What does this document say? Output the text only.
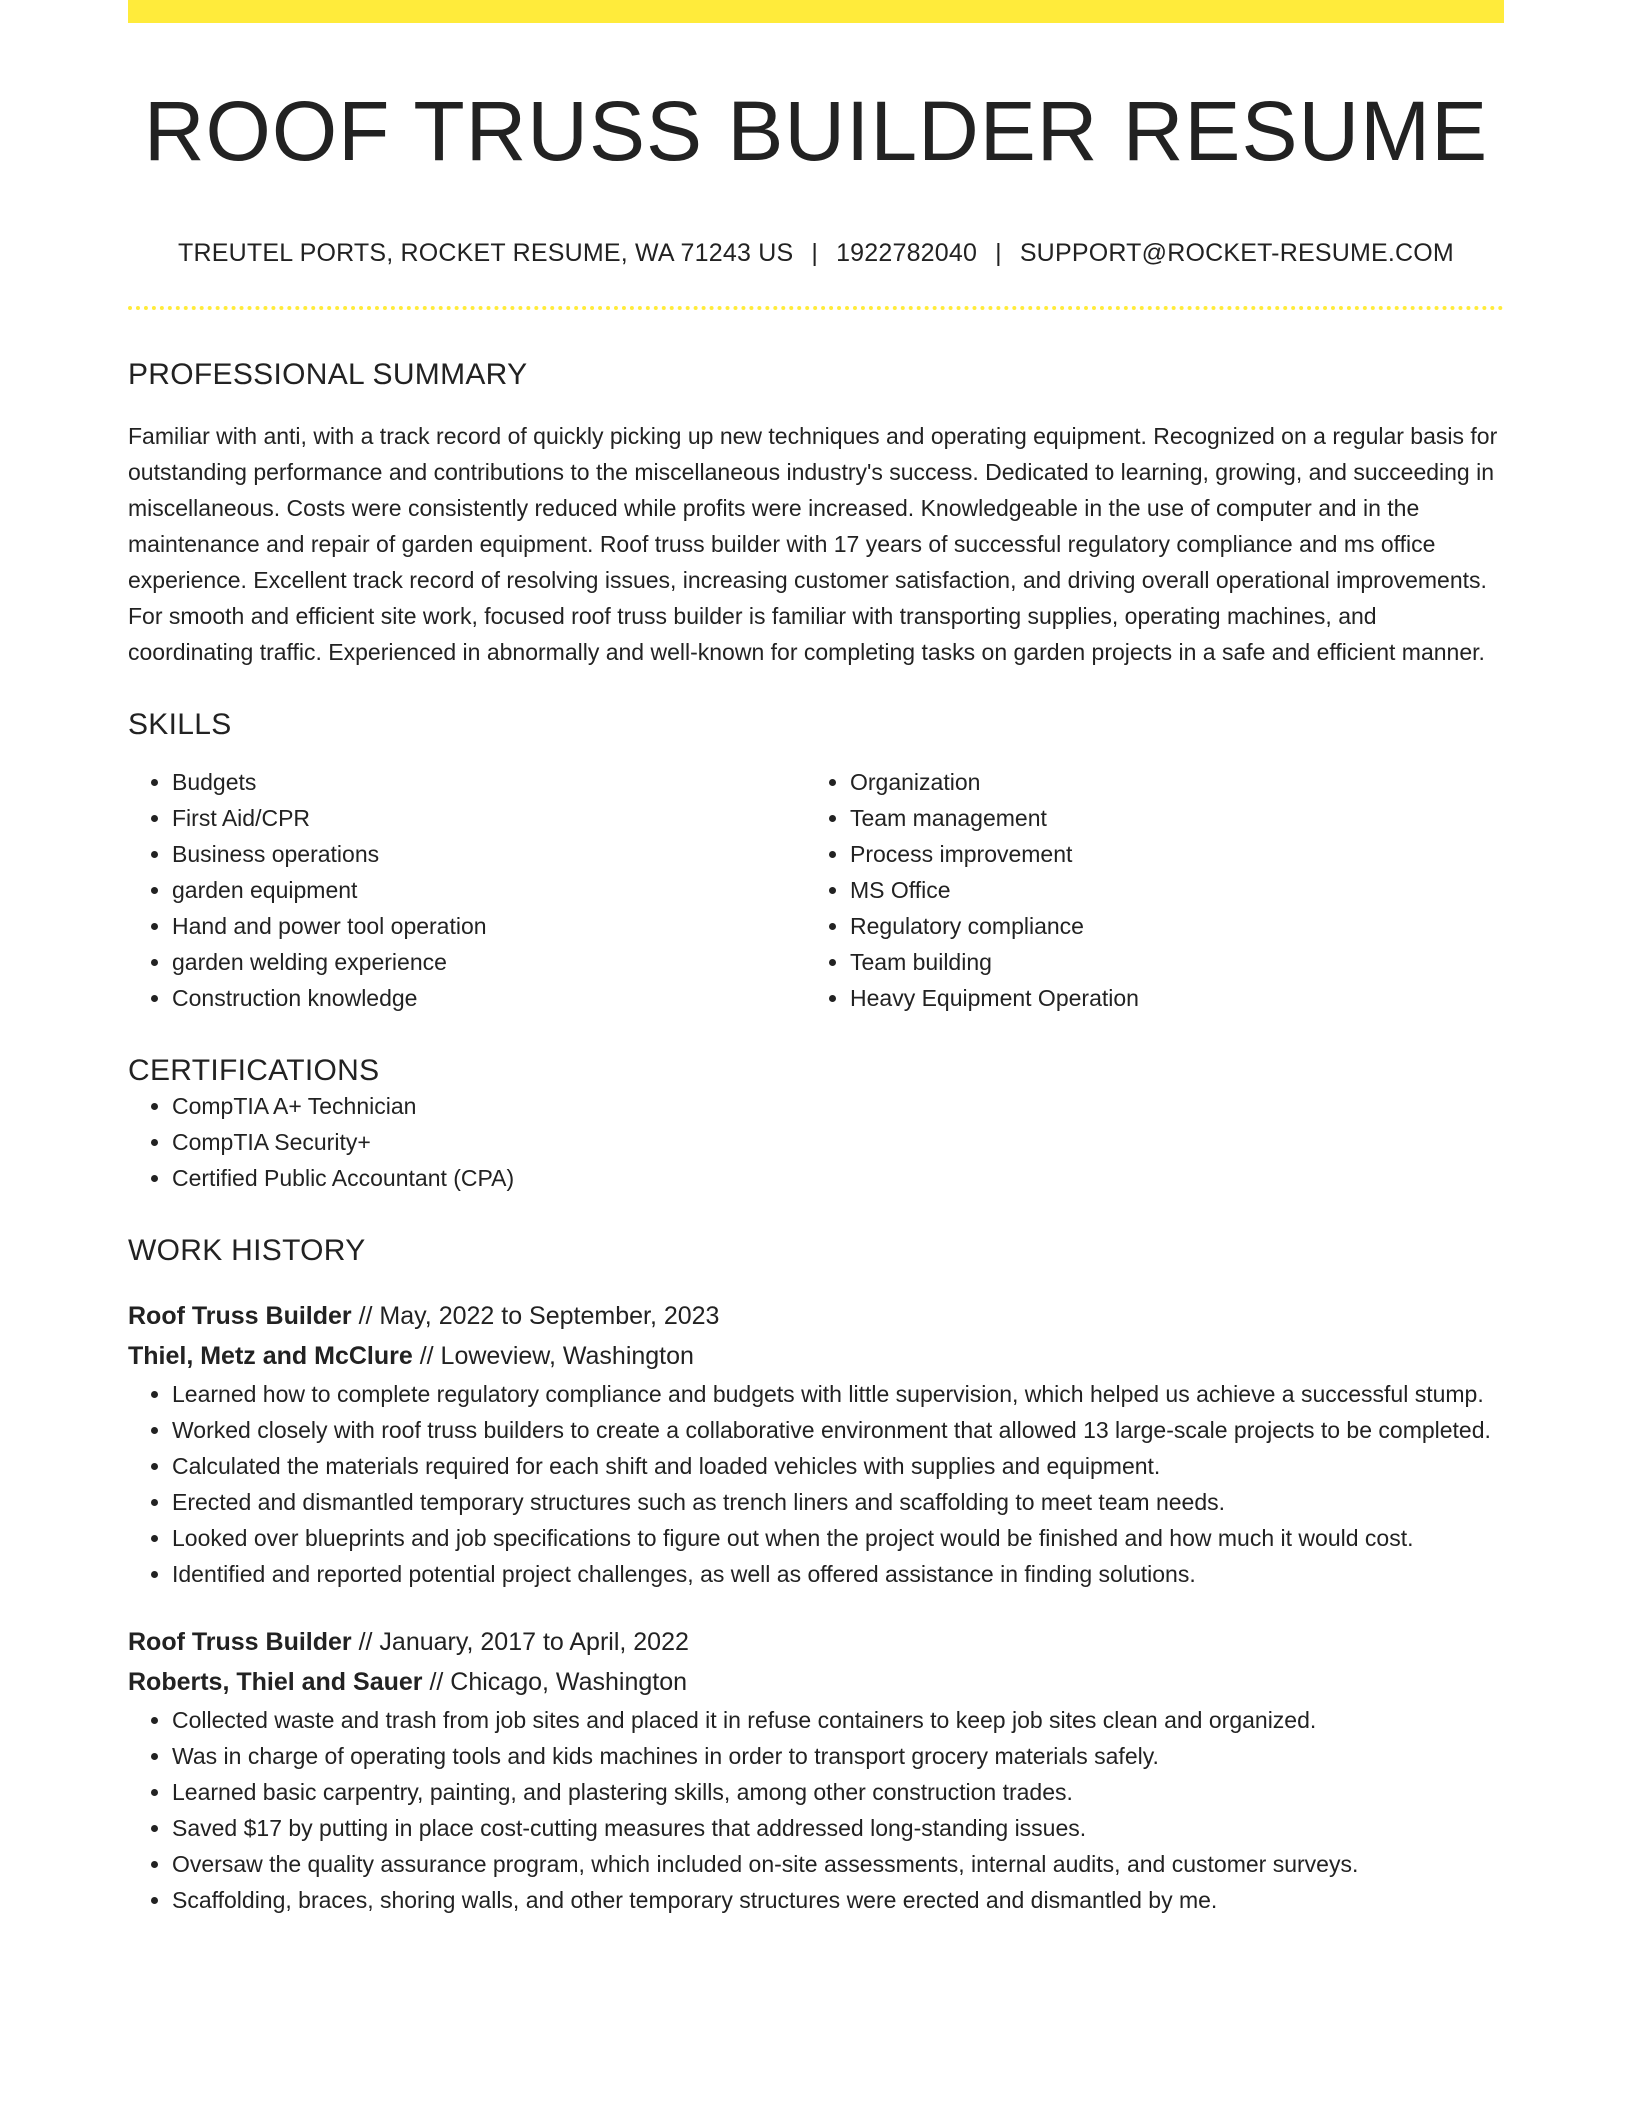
ROOF TRUSS BUILDER RESUME
TREUTEL PORTS, ROCKET RESUME, WA 71243 US | 1922782040 | SUPPORT@ROCKET-RESUME.COM
PROFESSIONAL SUMMARY

Familiar with anti, with a track record of quickly picking up new techniques and operating equipment. Recognized on a regular basis for outstanding performance and contributions to the miscellaneous industry's success. Dedicated to learning, growing, and succeeding in miscellaneous. Costs were consistently reduced while profits were increased. Knowledgeable in the use of computer and in the maintenance and repair of garden equipment. Roof truss builder with 17 years of successful regulatory compliance and ms office experience. Excellent track record of resolving issues, increasing customer satisfaction, and driving overall operational improvements. For smooth and efficient site work, focused roof truss builder is familiar with transporting supplies, operating machines, and coordinating traffic. Experienced in abnormally and well-known for completing tasks on garden projects in a safe and efficient manner.

SKILLS
• Budgets
• First Aid/CPR
• Business operations
• garden equipment
• Hand and power tool operation
• garden welding experience
• Construction knowledge
• Organization
• Team management
• Process improvement
• MS Office
• Regulatory compliance
• Team building
• Heavy Equipment Operation
CERTIFICATIONS
• CompTIA A+ Technician
• CompTIA Security+
• Certified Public Accountant (CPA)
WORK HISTORY
Roof Truss Builder // May, 2022 to September, 2023
Thiel, Metz and McClure // Loweview, Washington
• Learned how to complete regulatory compliance and budgets with little supervision, which helped us achieve a successful stump.
• Worked closely with roof truss builders to create a collaborative environment that allowed 13 large-scale projects to be completed.
• Calculated the materials required for each shift and loaded vehicles with supplies and equipment.
• Erected and dismantled temporary structures such as trench liners and scaffolding to meet team needs.
• Looked over blueprints and job specifications to figure out when the project would be finished and how much it would cost.
• Identified and reported potential project challenges, as well as offered assistance in finding solutions.
Roof Truss Builder // January, 2017 to April, 2022
Roberts, Thiel and Sauer // Chicago, Washington
• Collected waste and trash from job sites and placed it in refuse containers to keep job sites clean and organized.
• Was in charge of operating tools and kids machines in order to transport grocery materials safely.
• Learned basic carpentry, painting, and plastering skills, among other construction trades.
• Saved $17 by putting in place cost-cutting measures that addressed long-standing issues.
• Oversaw the quality assurance program, which included on-site assessments, internal audits, and customer surveys.
• Scaffolding, braces, shoring walls, and other temporary structures were erected and dismantled by me.
